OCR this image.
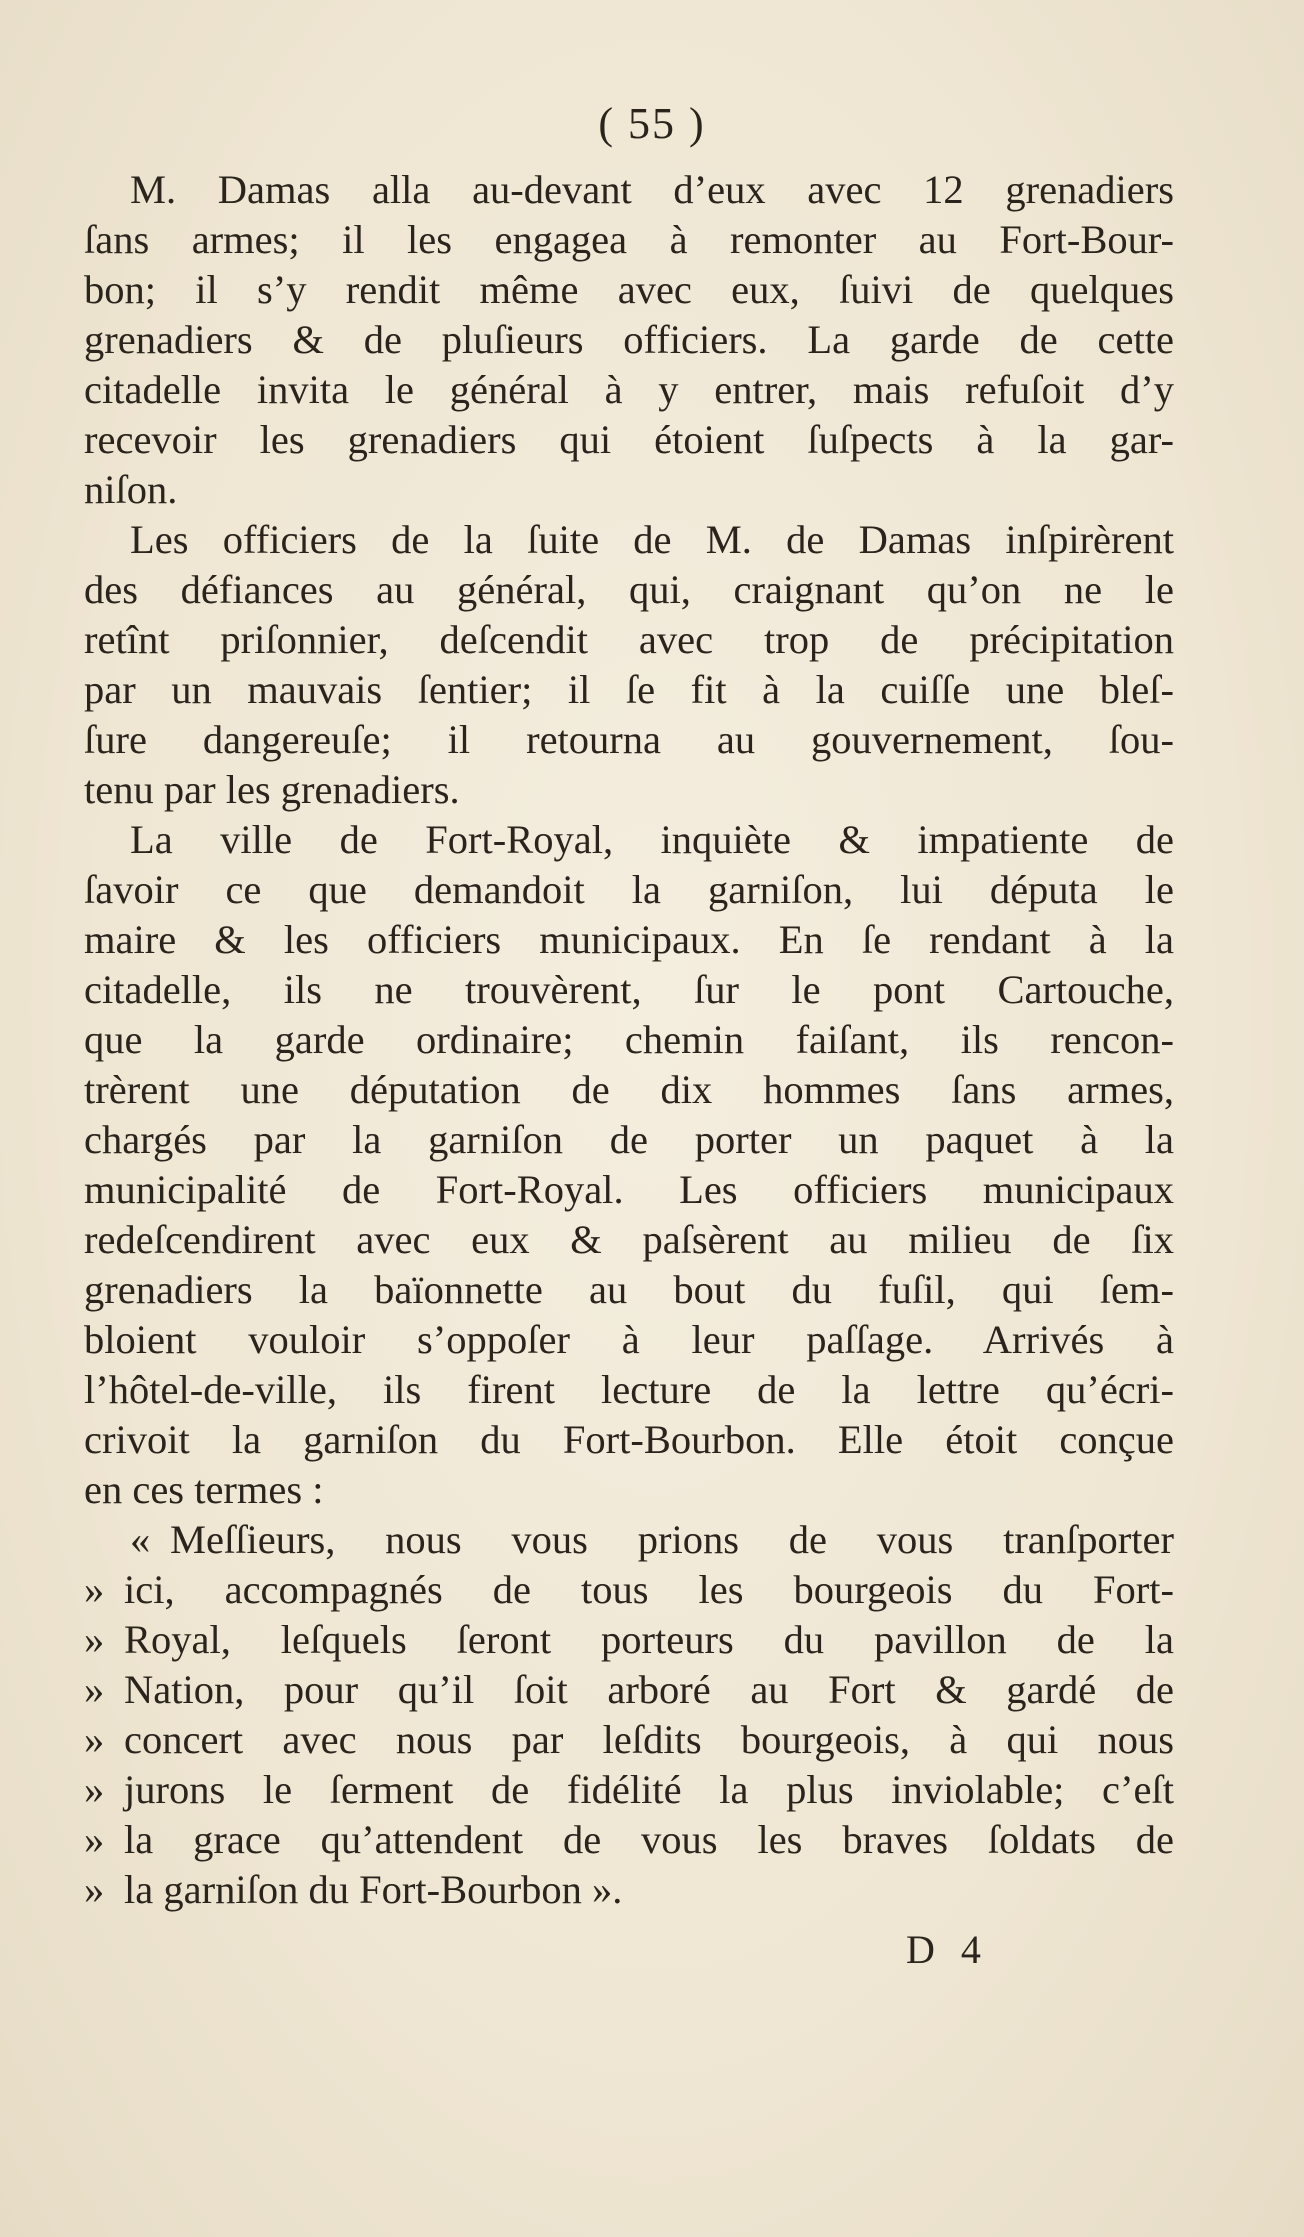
( 55 )
M. Damas alla au-devant d’eux avec 12 grenadiers
ſans armes; il les engagea à remonter au Fort-Bour-
bon; il s’y rendit même avec eux, ſuivi de quelques
grenadiers & de pluſieurs officiers. La garde de cette
citadelle invita le général à y entrer, mais refuſoit d’y
recevoir les grenadiers qui étoient ſuſpects à la gar-
niſon.
Les officiers de la ſuite de M. de Damas inſpirèrent
des défiances au général, qui, craignant qu’on ne le
retînt priſonnier, deſcendit avec trop de précipitation
par un mauvais ſentier; il ſe fit à la cuiſſe une bleſ-
ſure dangereuſe; il retourna au gouvernement, ſou-
tenu par les grenadiers.
La ville de Fort-Royal, inquiète & impatiente de
ſavoir ce que demandoit la garniſon, lui députa le
maire & les officiers municipaux. En ſe rendant à la
citadelle, ils ne trouvèrent, ſur le pont Cartouche,
que la garde ordinaire; chemin faiſant, ils rencon-
trèrent une députation de dix hommes ſans armes,
chargés par la garniſon de porter un paquet à la
municipalité de Fort-Royal. Les officiers municipaux
redeſcendirent avec eux & paſsèrent au milieu de ſix
grenadiers la baïonnette au bout du fuſil, qui ſem-
bloient vouloir s’oppoſer à leur paſſage. Arrivés à
l’hôtel-de-ville, ils firent lecture de la lettre qu’écri-
crivoit la garniſon du Fort-Bourbon. Elle étoit conçue
en ces termes :
« Meſſieurs, nous vous prions de vous tranſporter
» ici, accompagnés de tous les bourgeois du Fort-
» Royal, leſquels ſeront porteurs du pavillon de la
» Nation, pour qu’il ſoit arboré au Fort & gardé de
» concert avec nous par leſdits bourgeois, à qui nous
» jurons le ſerment de fidélité la plus inviolable; c’eſt
» la grace qu’attendent de vous les braves ſoldats de
» la garniſon du Fort-Bourbon ».
D 4
